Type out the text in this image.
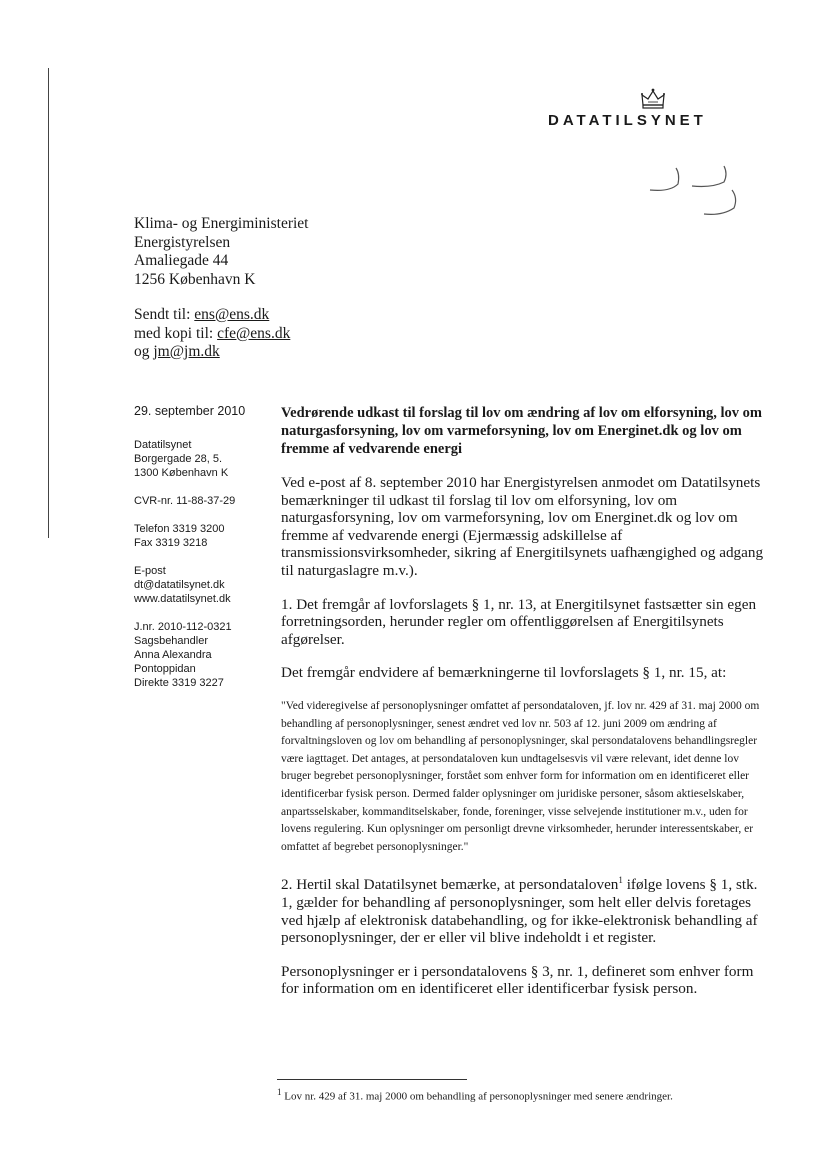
DATATILSYNET
Klima- og Energiministeriet
Energistyrelsen
Amaliegade 44
1256 København K
Sendt til: ens@ens.dk
med kopi til: cfe@ens.dk
og jm@jm.dk
29. september 2010
Datatilsynet
Borgergade 28, 5.
1300 København K
CVR-nr. 11-88-37-29
Telefon 3319 3200
Fax 3319 3218
E-post
dt@datatilsynet.dk
www.datatilsynet.dk
J.nr. 2010-112-0321
Sagsbehandler
Anna Alexandra
Pontoppidan
Direkte 3319 3227
Vedrørende udkast til forslag til lov om ændring af lov om elforsyning, lov om naturgasforsyning, lov om varmeforsyning, lov om Energinet.dk og lov om fremme af vedvarende energi

Ved e-post af 8. september 2010 har Energistyrelsen anmodet om Datatilsynets bemærkninger til udkast til forslag til lov om elforsyning, lov om naturgasforsyning, lov om varmeforsyning, lov om Energinet.dk og lov om fremme af vedvarende energi (Ejermæssig adskillelse af transmissionsvirksomheder, sikring af Energitilsynets uafhængighed og adgang til naturgaslagre m.v.).

1. Det fremgår af lovforslagets § 1, nr. 13, at Energitilsynet fastsætter sin egen forretningsorden, herunder regler om offentliggørelsen af Energitilsynets afgørelser.

Det fremgår endvidere af bemærkningerne til lovforslagets § 1, nr. 15, at:

"Ved videregivelse af personoplysninger omfattet af persondataloven, jf. lov nr. 429 af 31. maj 2000 om behandling af personoplysninger, senest ændret ved lov nr. 503 af 12. juni 2009 om ændring af forvaltningsloven og lov om behandling af personoplysninger, skal persondatalovens behandlingsregler være iagttaget. Det antages, at persondataloven kun undtagelsesvis vil være relevant, idet denne lov bruger begrebet personoplysninger, forstået som enhver form for information om en identificeret eller identificerbar fysisk person. Dermed falder oplysninger om juridiske personer, såsom aktieselskaber, anpartsselskaber, kommanditselskaber, fonde, foreninger, visse selvejende institutioner m.v., uden for lovens regulering. Kun oplysninger om personligt drevne virksomheder, herunder interessentskaber, er omfattet af begrebet personoplysninger."

2. Hertil skal Datatilsynet bemærke, at persondataloven$^1$ ifølge lovens § 1, stk. 1, gælder for behandling af personoplysninger, som helt eller delvis foretages ved hjælp af elektronisk databehandling, og for ikke-elektronisk behandling af personoplysninger, der er eller vil blive indeholdt i et register.

Personoplysninger er i persondatalovens § 3, nr. 1, defineret som enhver form for information om en identificeret eller identificerbar fysisk person.

$^1$ Lov nr. 429 af 31. maj 2000 om behandling af personoplysninger med senere ændringer.
